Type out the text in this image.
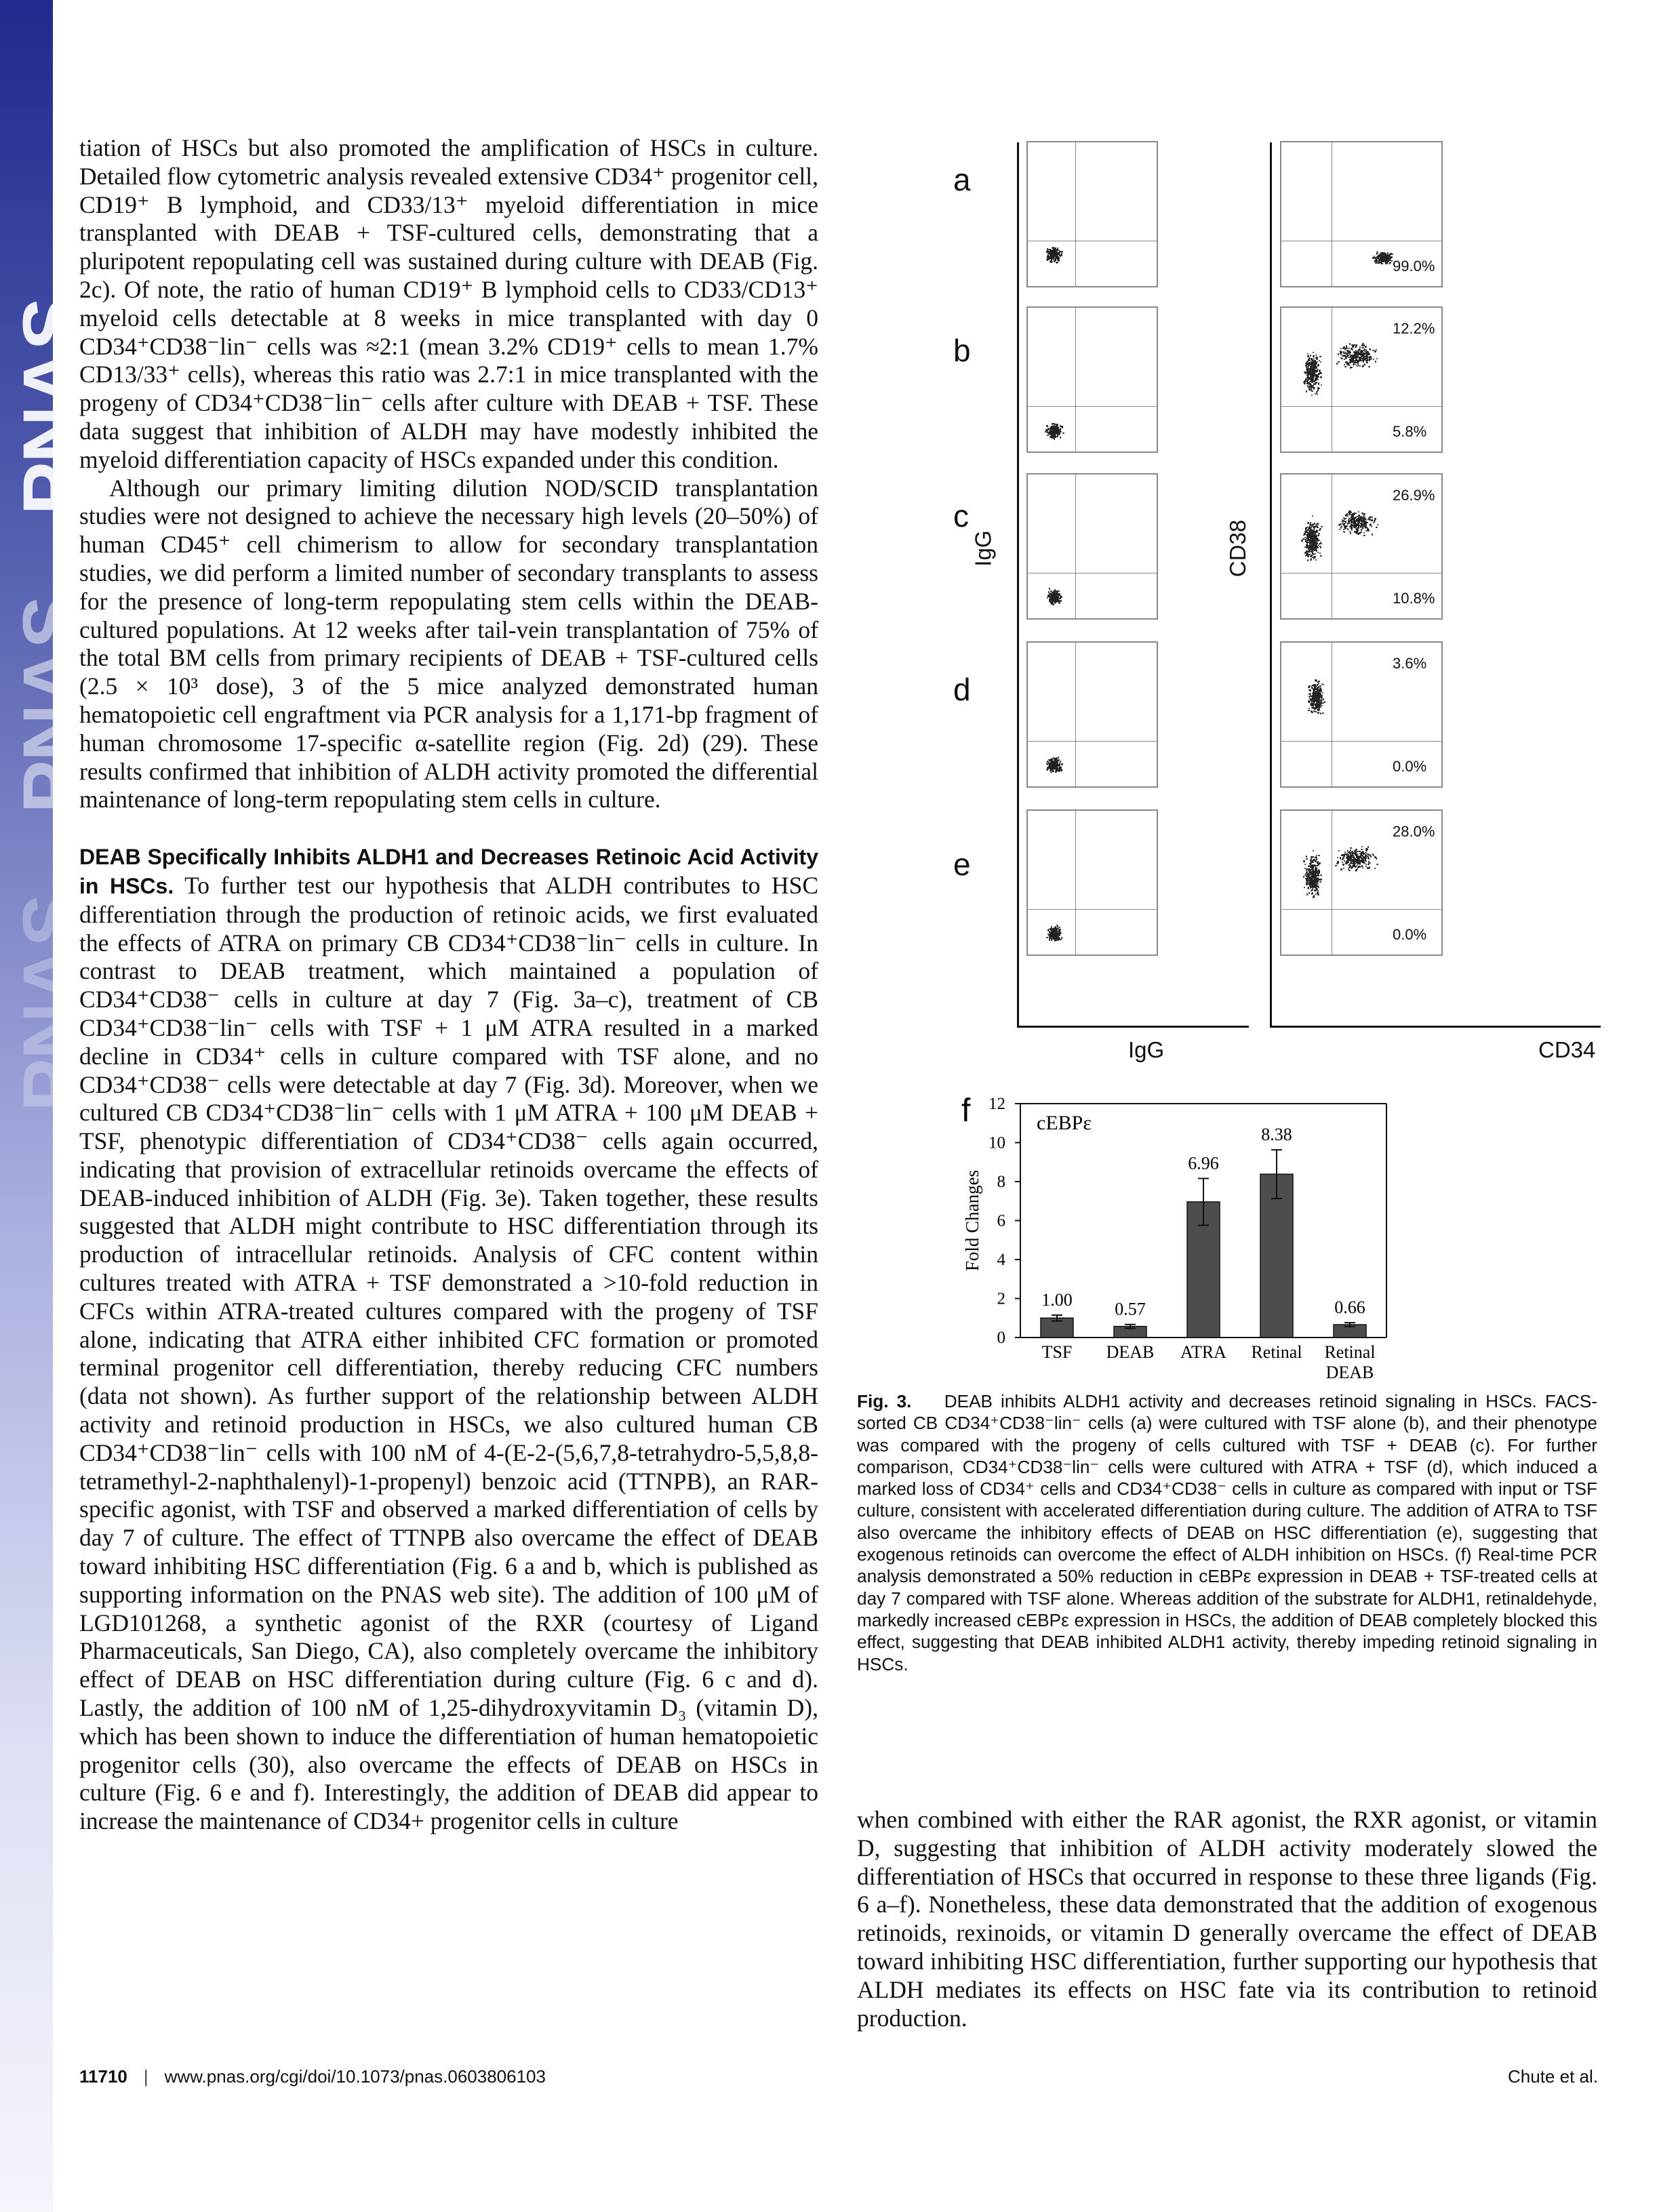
PNAS
PNAS
PNAS

tiation of HSCs but also promoted the amplification of HSCs in culture. Detailed flow cytometric analysis revealed extensive CD34⁺ progenitor cell, CD19⁺ B lymphoid, and CD33/13⁺ myeloid differentiation in mice transplanted with DEAB + TSF-cultured cells, demonstrating that a pluripotent repopulating cell was sustained during culture with DEAB (Fig. 2c). Of note, the ratio of human CD19⁺ B lymphoid cells to CD33/CD13⁺ myeloid cells detectable at 8 weeks in mice transplanted with day 0 CD34⁺CD38⁻lin⁻ cells was ≈2:1 (mean 3.2% CD19⁺ cells to mean 1.7% CD13/33⁺ cells), whereas this ratio was 2.7:1 in mice transplanted with the progeny of CD34⁺CD38⁻lin⁻ cells after culture with DEAB + TSF. These data suggest that inhibition of ALDH may have modestly inhibited the myeloid differentiation capacity of HSCs expanded under this condition.

Although our primary limiting dilution NOD/SCID transplantation studies were not designed to achieve the necessary high levels (20–50%) of human CD45⁺ cell chimerism to allow for secondary transplantation studies, we did perform a limited number of secondary transplants to assess for the presence of long-term repopulating stem cells within the DEAB-cultured populations. At 12 weeks after tail-vein transplantation of 75% of the total BM cells from primary recipients of DEAB + TSF-cultured cells (2.5 × 10³ dose), 3 of the 5 mice analyzed demonstrated human hematopoietic cell engraftment via PCR analysis for a 1,171-bp fragment of human chromosome 17-specific α-satellite region (Fig. 2d) (29). These results confirmed that inhibition of ALDH activity promoted the differential maintenance of long-term repopulating stem cells in culture.

DEAB Specifically Inhibits ALDH1 and Decreases Retinoic Acid Activity in HSCs. To further test our hypothesis that ALDH contributes to HSC differentiation through the production of retinoic acids, we first evaluated the effects of ATRA on primary CB CD34⁺CD38⁻lin⁻ cells in culture. In contrast to DEAB treatment, which maintained a population of CD34⁺CD38⁻ cells in culture at day 7 (Fig. 3a–c), treatment of CB CD34⁺CD38⁻lin⁻ cells with TSF + 1 μM ATRA resulted in a marked decline in CD34⁺ cells in culture compared with TSF alone, and no CD34⁺CD38⁻ cells were detectable at day 7 (Fig. 3d). Moreover, when we cultured CB CD34⁺CD38⁻lin⁻ cells with 1 μM ATRA + 100 μM DEAB + TSF, phenotypic differentiation of CD34⁺CD38⁻ cells again occurred, indicating that provision of extracellular retinoids overcame the effects of DEAB-induced inhibition of ALDH (Fig. 3e). Taken together, these results suggested that ALDH might contribute to HSC differentiation through its production of intracellular retinoids. Analysis of CFC content within cultures treated with ATRA + TSF demonstrated a >10-fold reduction in CFCs within ATRA-treated cultures compared with the progeny of TSF alone, indicating that ATRA either inhibited CFC formation or promoted terminal progenitor cell differentiation, thereby reducing CFC numbers (data not shown). As further support of the relationship between ALDH activity and retinoid production in HSCs, we also cultured human CB CD34⁺CD38⁻lin⁻ cells with 100 nM of 4-(E-2-(5,6,7,8-tetrahydro-5,5,8,8-tetramethyl-2-naphthalenyl)-1-propenyl) benzoic acid (TTNPB), an RAR-specific agonist, with TSF and observed a marked differentiation of cells by day 7 of culture. The effect of TTNPB also overcame the effect of DEAB toward inhibiting HSC differentiation (Fig. 6 a and b, which is published as supporting information on the PNAS web site). The addition of 100 μM of LGD101268, a synthetic agonist of the RXR (courtesy of Ligand Pharmaceuticals, San Diego, CA), also completely overcame the inhibitory effect of DEAB on HSC differentiation during culture (Fig. 6 c and d). Lastly, the addition of 100 nM of 1,25-dihydroxyvitamin D₃ (vitamin D), which has been shown to induce the differentiation of human hematopoietic progenitor cells (30), also overcame the effects of DEAB on HSCs in culture (Fig. 6 e and f). Interestingly, the addition of DEAB did appear to increase the maintenance of CD34+ progenitor cells in culture

a
b
c
d
e
IgG
IgG
CD38
CD34
99.0%
12.2%
5.8%
26.9%
10.8%
3.6%
0.0%
28.0%
0.0%
0
2
4
6
8
10
12
Fold Changes
f	cEBPε
1.00
TSF
0.57
DEAB
6.96
ATRA
8.38
Retinal
0.66
Retinal
DEAB
Fig. 3. DEAB inhibits ALDH1 activity and decreases retinoid signaling in HSCs. FACS-sorted CB CD34⁺CD38⁻lin⁻ cells (a) were cultured with TSF alone (b), and their phenotype was compared with the progeny of cells cultured with TSF + DEAB (c). For further comparison, CD34⁺CD38⁻lin⁻ cells were cultured with ATRA + TSF (d), which induced a marked loss of CD34⁺ cells and CD34⁺CD38⁻ cells in culture as compared with input or TSF culture, consistent with accelerated differentiation during culture. The addition of ATRA to TSF also overcame the inhibitory effects of DEAB on HSC differentiation (e), suggesting that exogenous retinoids can overcome the effect of ALDH inhibition on HSCs. (f) Real-time PCR analysis demonstrated a 50% reduction in cEBPε expression in DEAB + TSF-treated cells at day 7 compared with TSF alone. Whereas addition of the substrate for ALDH1, retinaldehyde, markedly increased cEBPε expression in HSCs, the addition of DEAB completely blocked this effect, suggesting that DEAB inhibited ALDH1 activity, thereby impeding retinoid signaling in HSCs.

when combined with either the RAR agonist, the RXR agonist, or vitamin D, suggesting that inhibition of ALDH activity moderately slowed the differentiation of HSCs that occurred in response to these three ligands (Fig. 6 a–f). Nonetheless, these data demonstrated that the addition of exogenous retinoids, rexinoids, or vitamin D generally overcame the effect of DEAB toward inhibiting HSC differentiation, further supporting our hypothesis that ALDH mediates its effects on HSC fate via its contribution to retinoid production.

11710 | www.pnas.org/cgi/doi/10.1073/pnas.0603806103	Chute et al.
